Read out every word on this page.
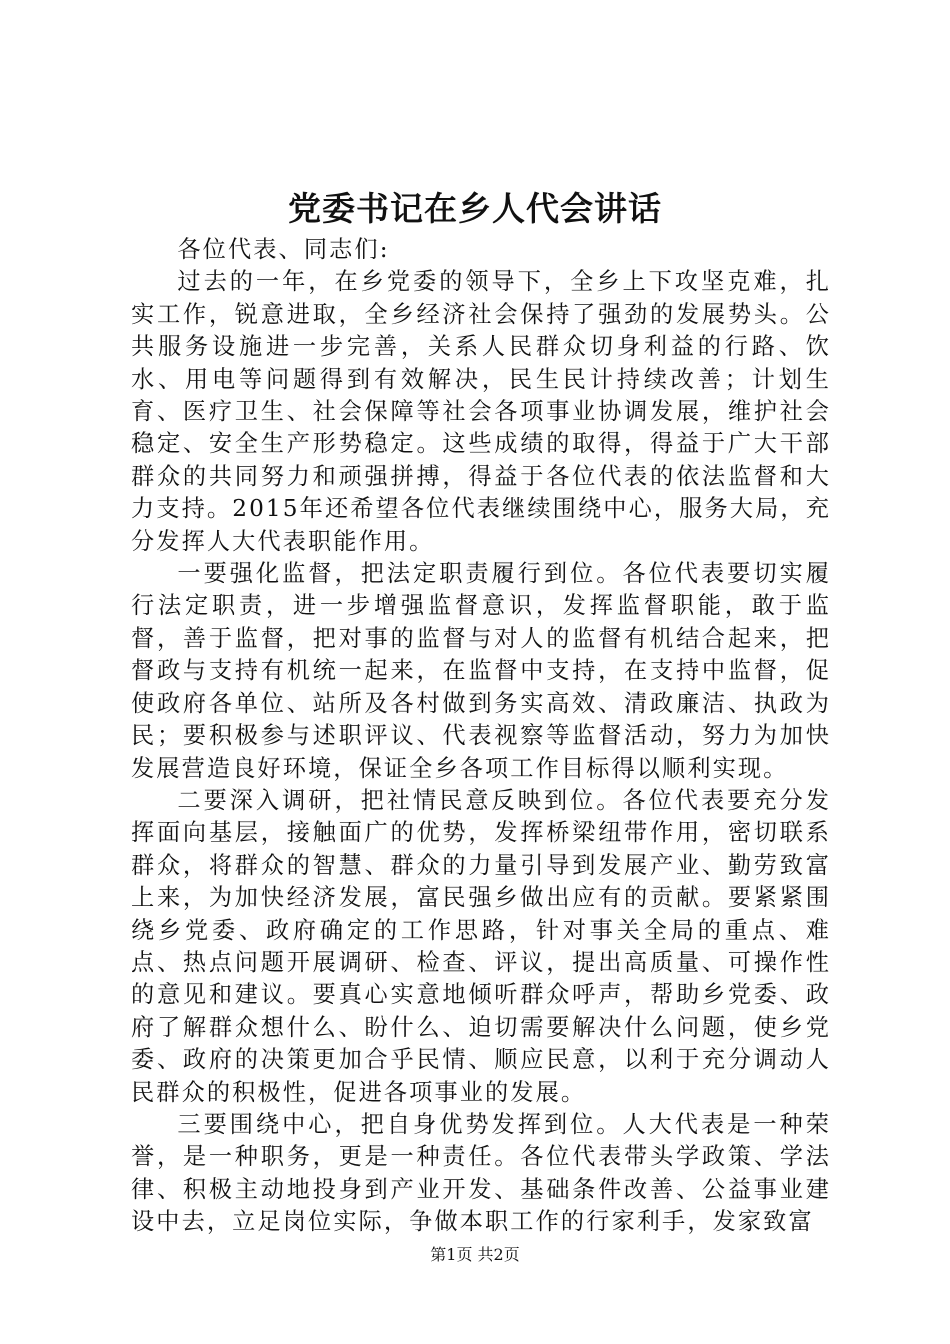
党委书记在乡人代会讲话

各位代表、同志们:

过去的一年，在乡党委的领导下，全乡上下攻坚克难，扎实工作，锐意进取，全乡经济社会保持了强劲的发展势头。公共服务设施进一步完善，关系人民群众切身利益的行路、饮水、用电等问题得到有效解决，民生民计持续改善；计划生育、医疗卫生、社会保障等社会各项事业协调发展，维护社会稳定、安全生产形势稳定。这些成绩的取得，得益于广大干部群众的共同努力和顽强拼搏，得益于各位代表的依法监督和大力支持。2015年还希望各位代表继续围绕中心，服务大局，充分发挥人大代表职能作用。

一要强化监督，把法定职责履行到位。各位代表要切实履行法定职责，进一步增强监督意识，发挥监督职能，敢于监督，善于监督，把对事的监督与对人的监督有机结合起来，把督政与支持有机统一起来，在监督中支持，在支持中监督，促使政府各单位、站所及各村做到务实高效、清政廉洁、执政为民；要积极参与述职评议、代表视察等监督活动，努力为加快发展营造良好环境，保证全乡各项工作目标得以顺利实现。

二要深入调研，把社情民意反映到位。各位代表要充分发挥面向基层，接触面广的优势，发挥桥梁纽带作用，密切联系群众，将群众的智慧、群众的力量引导到发展产业、勤劳致富上来，为加快经济发展，富民强乡做出应有的贡献。要紧紧围绕乡党委、政府确定的工作思路，针对事关全局的重点、难点、热点问题开展调研、检查、评议，提出高质量、可操作性的意见和建议。要真心实意地倾听群众呼声，帮助乡党委、政府了解群众想什么、盼什么、迫切需要解决什么问题，使乡党委、政府的决策更加合乎民情、顺应民意，以利于充分调动人民群众的积极性，促进各项事业的发展。

三要围绕中心，把自身优势发挥到位。人大代表是一种荣誉，是一种职务，更是一种责任。各位代表带头学政策、学法律、积极主动地投身到产业开发、基础条件改善、公益事业建设中去，立足岗位实际，争做本职工作的行家利手，发家致富

第1页 共2页
